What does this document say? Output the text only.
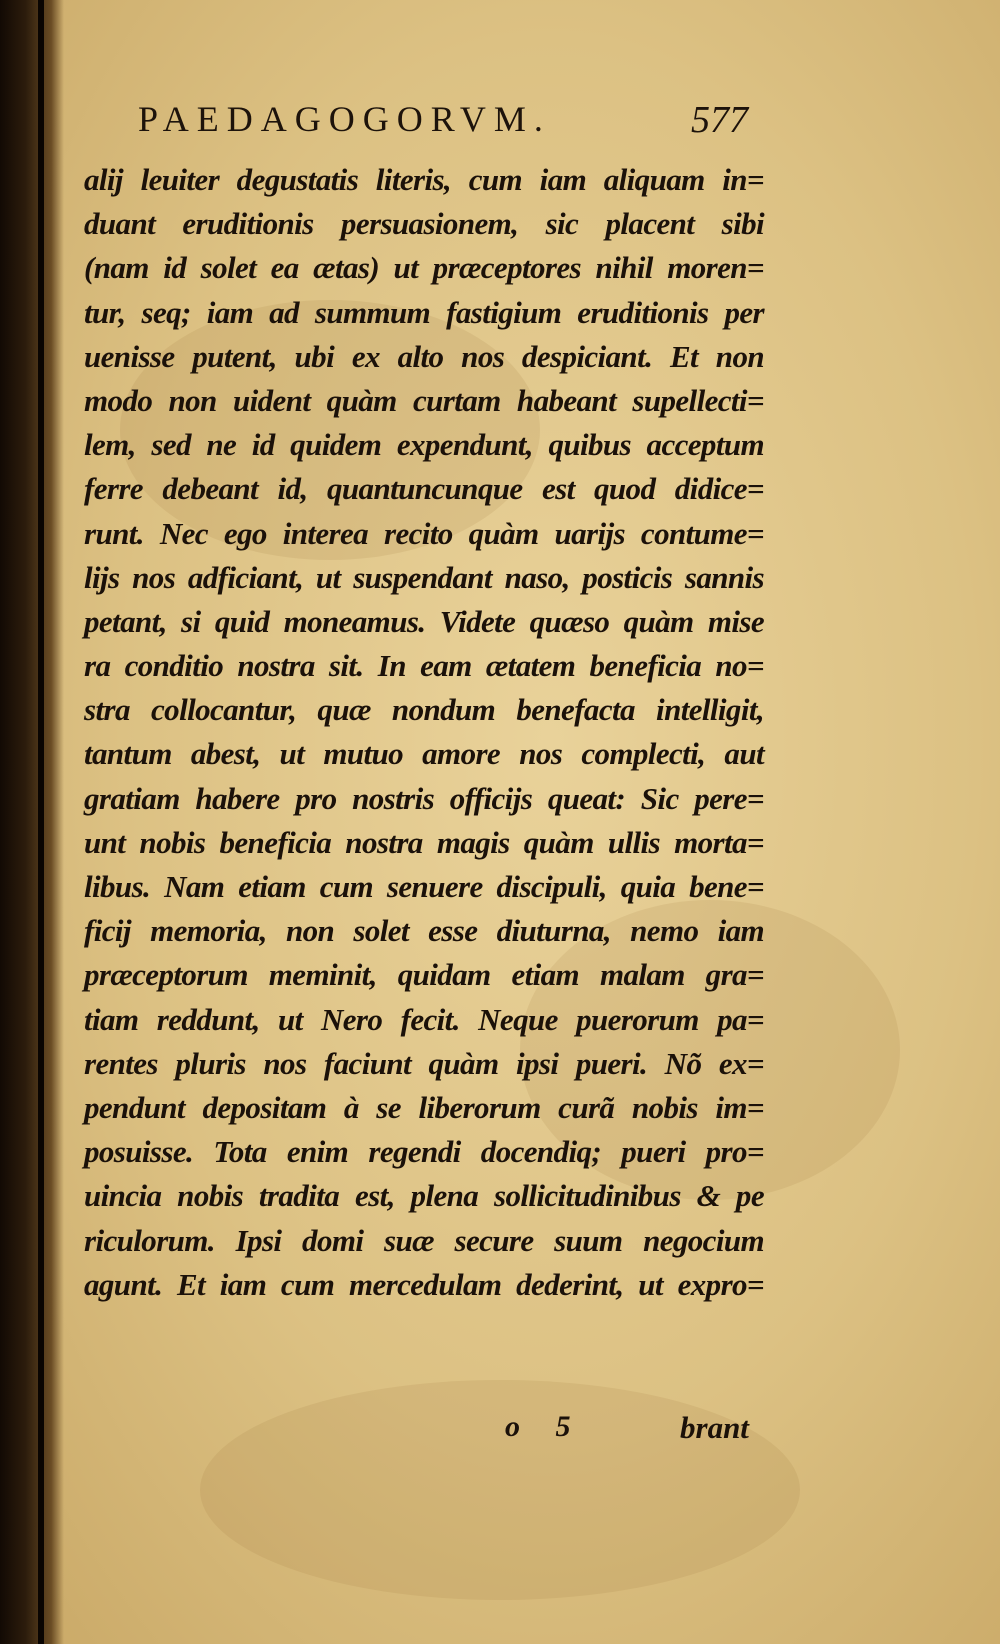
PAEDAGOGORVM.	577
alij leuiter degustatis literis, cum iam aliquam in=
duant eruditionis persuasionem, sic placent sibi
(nam id solet ea ætas) ut præceptores nihil moren=
tur, seq; iam ad summum fastigium eruditionis per
uenisse putent, ubi ex alto nos despiciant. Et non
modo non uident quàm curtam habeant supellecti=
lem, sed ne id quidem expendunt, quibus acceptum
ferre debeant id, quantuncunque est quod didice=
runt. Nec ego interea recito quàm uarijs contume=
lijs nos adficiant, ut suspendant naso, posticis sannis
petant, si quid moneamus. Videte quæso quàm mise
ra conditio nostra sit. In eam ætatem beneficia no=
stra collocantur, quæ nondum benefacta intelligit,
tantum abest, ut mutuo amore nos complecti, aut
gratiam habere pro nostris officijs queat: Sic pere=
unt nobis beneficia nostra magis quàm ullis morta=
libus. Nam etiam cum senuere discipuli, quia bene=
ficij memoria, non solet esse diuturna, nemo iam
præceptorum meminit, quidam etiam malam gra=
tiam reddunt, ut Nero fecit. Neque puerorum pa=
rentes pluris nos faciunt quàm ipsi pueri. Nõ ex=
pendunt depositam à se liberorum curã nobis im=
posuisse. Tota enim regendi docendiq; pueri pro=
uincia nobis tradita est, plena sollicitudinibus & pe
riculorum. Ipsi domi suæ secure suum negocium
agunt. Et iam cum mercedulam dederint, ut expro=
o 5	brant
